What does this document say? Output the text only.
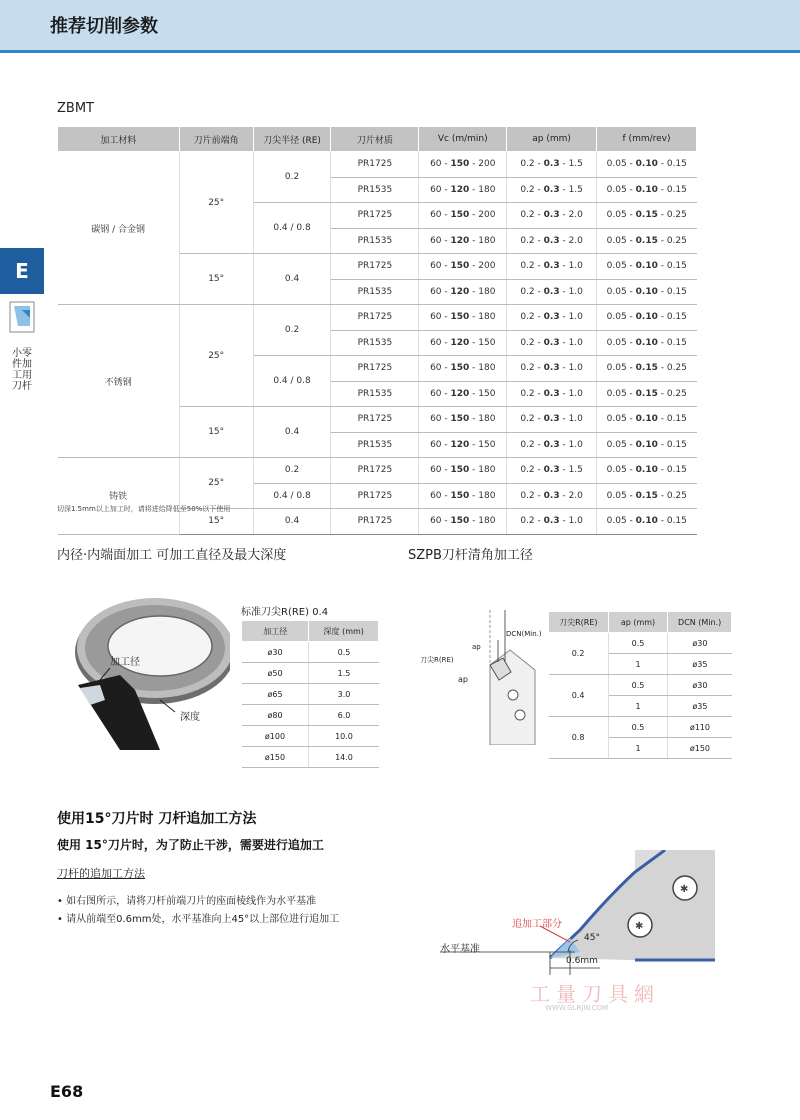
推荐切削参数
E
小零件加工用刀杆
ZBMT
加工材料	刀片前端角	刀尖半径 (RE)	刀片材质	Vc (m/min)	ap (mm)	f (mm/rev)
碳钢 / 合金钢	25°	0.2	PR1725	60 - 150 - 200	0.2 - 0.3 - 1.5	0.05 - 0.10 - 0.15
			PR1535	60 - 120 - 180	0.2 - 0.3 - 1.5	0.05 - 0.10 - 0.15
		0.4 / 0.8	PR1725	60 - 150 - 200	0.2 - 0.3 - 2.0	0.05 - 0.15 - 0.25
			PR1535	60 - 120 - 180	0.2 - 0.3 - 2.0	0.05 - 0.15 - 0.25
	15°	0.4	PR1725	60 - 150 - 200	0.2 - 0.3 - 1.0	0.05 - 0.10 - 0.15
			PR1535	60 - 120 - 180	0.2 - 0.3 - 1.0	0.05 - 0.10 - 0.15
不锈钢	25°	0.2	PR1725	60 - 150 - 180	0.2 - 0.3 - 1.0	0.05 - 0.10 - 0.15
			PR1535	60 - 120 - 150	0.2 - 0.3 - 1.0	0.05 - 0.10 - 0.15
		0.4 / 0.8	PR1725	60 - 150 - 180	0.2 - 0.3 - 1.0	0.05 - 0.15 - 0.25
			PR1535	60 - 120 - 150	0.2 - 0.3 - 1.0	0.05 - 0.15 - 0.25
	15°	0.4	PR1725	60 - 150 - 180	0.2 - 0.3 - 1.0	0.05 - 0.10 - 0.15
			PR1535	60 - 120 - 150	0.2 - 0.3 - 1.0	0.05 - 0.10 - 0.15
铸铁	25°	0.2	PR1725	60 - 150 - 180	0.2 - 0.3 - 1.5	0.05 - 0.10 - 0.15
		0.4 / 0.8	PR1725	60 - 150 - 180	0.2 - 0.3 - 2.0	0.05 - 0.15 - 0.25
	15°	0.4	PR1725	60 - 150 - 180	0.2 - 0.3 - 1.0	0.05 - 0.10 - 0.15
切深1.5mm以上加工时，请将进给降低至50%以下使用
内径·内端面加工 可加工直径及最大深度
加工径
深度
标准刀尖R(RE) 0.4
加工径	深度 (mm)
ø30	0.5
ø50	1.5
ø65	3.0
ø80	6.0
ø100	10.0
ø150	14.0
SZPB刀杆清角加工径
ap
DCN(Min.)
刀尖R(RE)
ap
刀尖R(RE)	ap (mm)	DCN (Min.)
0.2	0.5	ø30
	1	ø35
0.4	0.5	ø30
	1	ø35
0.8	0.5	ø110
	1	ø150
使用15°刀片时 刀杆追加工方法
使用 15°刀片时，为了防止干涉，需要进行追加工
刀杆的追加工方法
• 如右图所示，请将刀杆前端刀片的座面棱线作为水平基准
• 请从前端至0.6mm处，水平基准向上45°以上部位进行追加工
✱
✱
追加工部分
水平基准
45°
0.6mm
工量刀具網
WWW.GLRJW.COM
E68
